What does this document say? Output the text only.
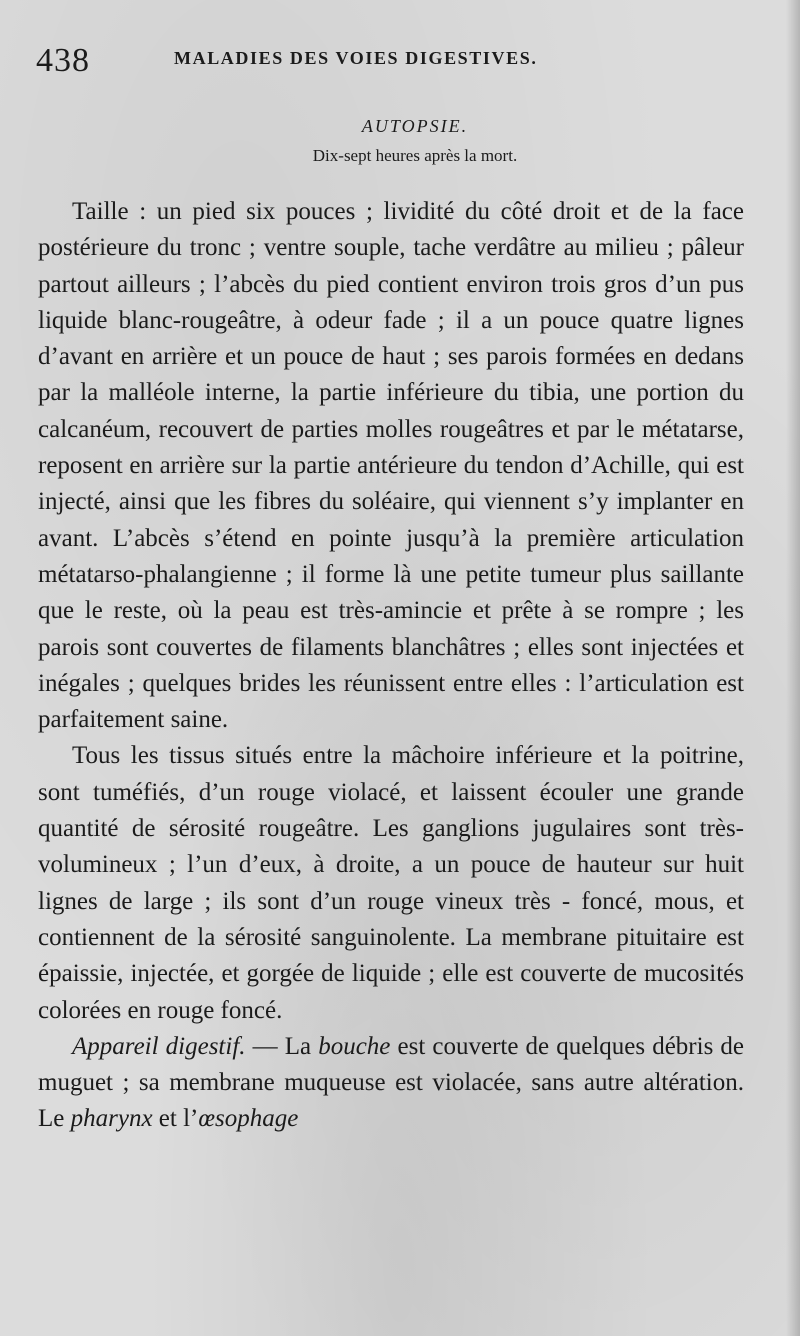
438	MALADIES DES VOIES DIGESTIVES.
AUTOPSIE.
Dix-sept heures après la mort.

Taille : un pied six pouces ; lividité du côté droit et de la face postérieure du tronc ; ventre souple, tache verdâtre au milieu ; pâleur partout ailleurs ; l’abcès du pied contient environ trois gros d’un pus liquide blanc-rougeâtre, à odeur fade ; il a un pouce quatre lignes d’avant en arrière et un pouce de haut ; ses parois formées en dedans par la malléole interne, la partie inférieure du tibia, une portion du calcanéum, recouvert de parties molles rougeâtres et par le métatarse, reposent en arrière sur la partie antérieure du tendon d’Achille, qui est injecté, ainsi que les fibres du soléaire, qui viennent s’y implanter en avant. L’abcès s’étend en pointe jusqu’à la première articulation métatarso-phalangienne ; il forme là une petite tumeur plus saillante que le reste, où la peau est très-amincie et prête à se rompre ; les parois sont couvertes de filaments blanchâtres ; elles sont injectées et inégales ; quelques brides les réunissent entre elles : l’articulation est parfaitement saine.

Tous les tissus situés entre la mâchoire inférieure et la poitrine, sont tuméfiés, d’un rouge violacé, et laissent écouler une grande quantité de sérosité rougeâtre. Les ganglions jugulaires sont très-volumineux ; l’un d’eux, à droite, a un pouce de hauteur sur huit lignes de large ; ils sont d’un rouge vineux très - foncé, mous, et contiennent de la sérosité sanguinolente. La membrane pituitaire est épaissie, injectée, et gorgée de liquide ; elle est couverte de mucosités colorées en rouge foncé.

Appareil digestif. — La bouche est couverte de quelques débris de muguet ; sa membrane muqueuse est violacée, sans autre altération. Le pharynx et l’œsophage
